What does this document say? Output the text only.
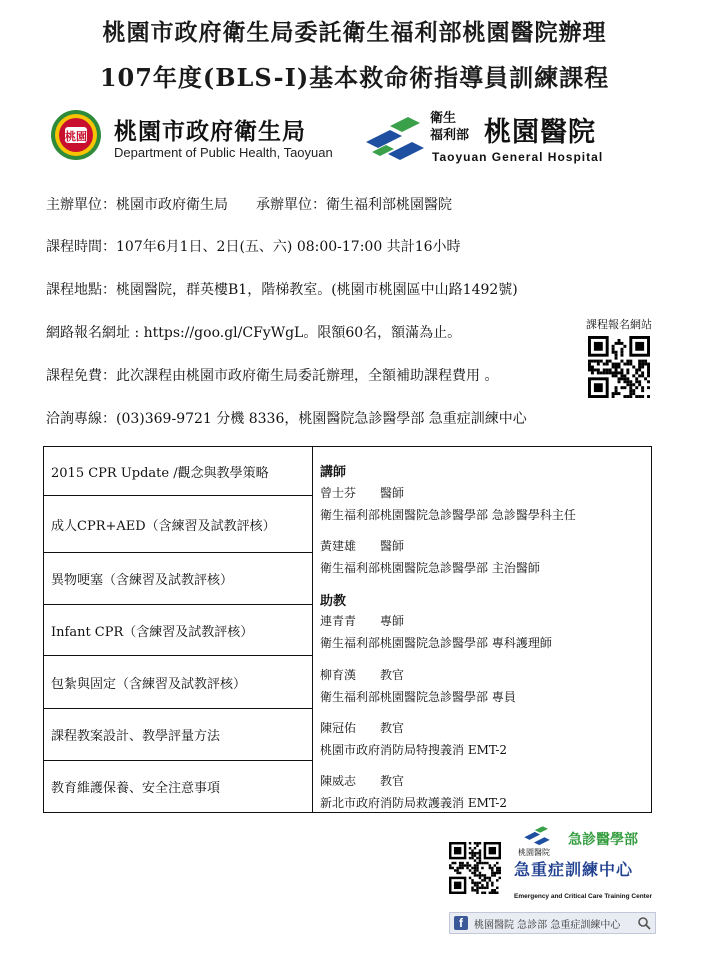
桃園市政府衛生局委託衛生福利部桃園醫院辦理
107年度(BLS-I)基本救命術指導員訓練課程
桃園 桃園市政府衛生局
Department of Public Health, Taoyuan
衛生
福利部 桃園醫院
Taoyuan General Hospital
主辦單位：桃園市政府衛生局 承辦單位：衛生福利部桃園醫院
課程時間：107年6月1日、2日(五、六) 08:00-17:00 共計16小時
課程地點：桃園醫院，群英樓B1，階梯教室。(桃園市桃園區中山路1492號)
網路報名網址 : https://goo.gl/CFyWgL。限額60名，額滿為止。
課程免費：此次課程由桃園市政府衛生局委託辦理，全額補助課程費用 。
洽詢專線：(03)369-9721 分機 8336，桃園醫院急診醫學部 急重症訓練中心
課程報名網站
2015 CPR Update /觀念與教學策略
成人CPR+AED（含練習及試教評核）
異物哽塞（含練習及試教評核）
Infant CPR（含練習及試教評核）
包紮與固定（含練習及試教評核）
課程教案設計、教學評量方法
教育維護保養、安全注意事項
講師
曾士芬　　醫師
衛生福利部桃園醫院急診醫學部 急診醫學科主任
黃建雄　　醫師
衛生福利部桃園醫院急診醫學部 主治醫師
助教
連青青　　專師
衛生福利部桃園醫院急診醫學部 專科護理師
柳育漢　　教官
衛生福利部桃園醫院急診醫學部 專員
陳冠佑　　教官
桃園市政府消防局特搜義消 EMT-2
陳威志　　教官
新北市政府消防局救護義消 EMT-2
桃園醫院
急診醫學部
急重症訓練中心
Emergency and Critical Care Training Center
f	桃園醫院 急診部 急重症訓練中心
